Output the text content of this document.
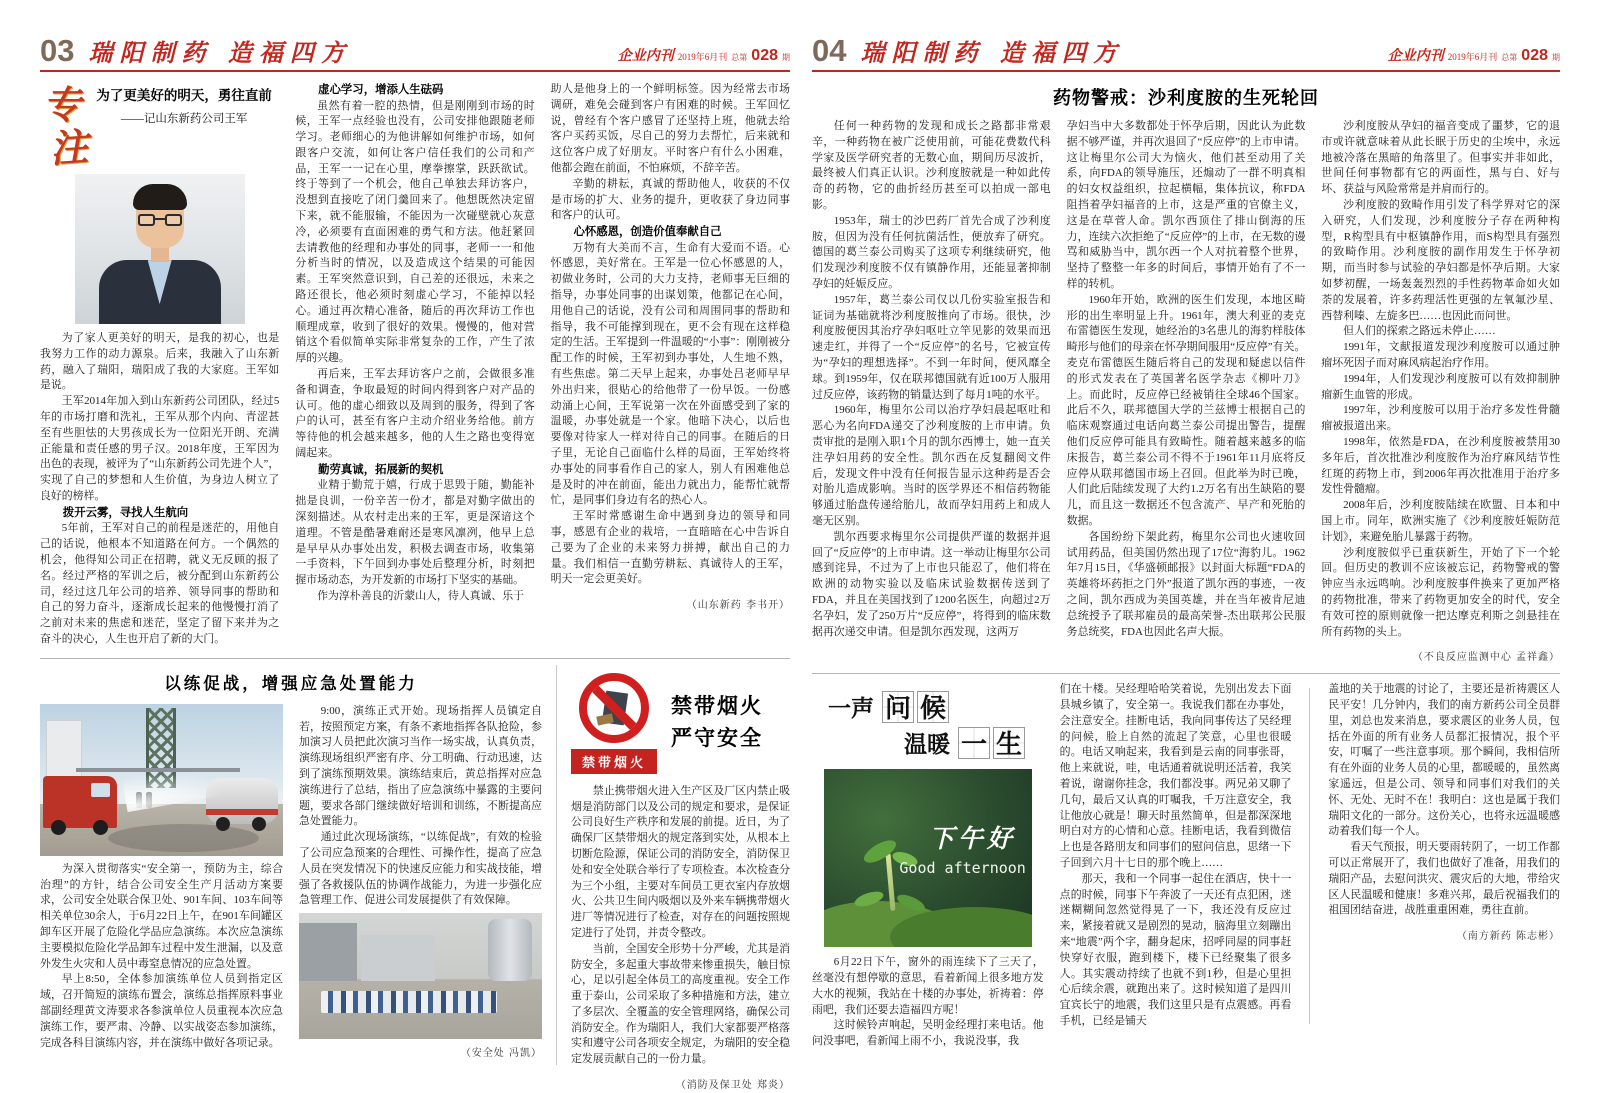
03 瑞阳制药 造福四方	企业内刊 2019年6月刊 总第 028 期
专
注
为了更美好的明天，勇往直前
——记山东新药公司王军

为了家人更美好的明天，是我的初心，也是我努力工作的动力源泉。后来，我融入了山东新药，融入了瑞阳，瑞阳成了我的大家庭。王军如是说。

王军2014年加入到山东新药公司团队，经过5年的市场打磨和洗礼，王军从那个内向、青涩甚至有些胆怯的大男孩成长为一位阳光开朗、充满正能量和责任感的男子汉。2018年度，王军因为出色的表现，被评为了“山东新药公司先进个人”，实现了自己的梦想和人生价值，为身边人树立了良好的榜样。

拨开云雾，寻找人生航向

5年前，王军对自己的前程是迷茫的，用他自己的话说，他根本不知道路在何方。一个偶然的机会，他得知公司正在招聘，就义无反顾的报了名。经过严格的军训之后，被分配到山东新药公司，经过这几年公司的培养、领导同事的帮助和自己的努力奋斗，逐渐成长起来的他慢慢打消了之前对未来的焦虑和迷茫，坚定了留下来并为之奋斗的决心，人生也开启了新的大门。

虚心学习，增添人生砝码

虽然有着一腔的热情，但是刚刚到市场的时候，王军一点经验也没有，公司安排他跟随老师学习。老师细心的为他讲解如何维护市场，如何跟客户交流，如何让客户信任我们的公司和产品，王军一一记在心里，摩拳擦掌，跃跃欲试。终于等到了一个机会，他自己单独去拜访客户，没想到直接吃了闭门羹回来了。他想既然决定留下来，就不能服输，不能因为一次碰壁就心灰意冷，必须要有直面困难的勇气和方法。他赶紧回去请教他的经理和办事处的同事，老师一一和他分析当时的情况，以及造成这个结果的可能因素。王军突然意识到，自己差的还很远，未来之路还很长，他必须时刻虚心学习，不能掉以轻心。通过再次精心准备，随后的再次拜访工作也顺理成章，收到了很好的效果。慢慢的，他对营销这个看似简单实际非常复杂的工作，产生了浓厚的兴趣。

再后来，王军去拜访客户之前，会做很多准备和调查，争取最短的时间内得到客户对产品的认可。他的虚心细致以及周到的服务，得到了客户的认可，甚至有客户主动介绍业务给他。前方等待他的机会越来越多，他的人生之路也变得宽阔起来。

勤劳真诚，拓展新的契机

业精于勤荒于嬉，行成于思毁于随，勤能补拙是良训，一份辛苦一份才，都是对勤字做出的深刻描述。从农村走出来的王军，更是深谙这个道理。不管是酷暑难耐还是寒风凛冽，他早上总是早早从办事处出发，积极去调查市场，收集第一手资料，下午回到办事处后整理分析，时刻把握市场动态，为开发新的市场打下坚实的基础。

作为淳朴善良的沂蒙山人，待人真诚、乐于

助人是他身上的一个鲜明标签。因为经常去市场调研，难免会碰到客户有困难的时候。王军回忆说，曾经有个客户感冒了还坚持上班，他就去给客户买药买饭，尽自己的努力去帮忙，后来就和这位客户成了好朋友。平时客户有什么小困难，他都会跑在前面，不怕麻烦，不辞辛苦。

辛勤的耕耘，真诚的帮助他人，收获的不仅是市场的扩大、业务的提升，更收获了身边同事和客户的认可。

心怀感恩，创造价值奉献自己

万物有大美而不言，生命有大爱而不语。心怀感恩，美好常在。王军是一位心怀感恩的人，初做业务时，公司的大力支持，老师事无巨细的指导，办事处同事的出谋划策，他都记在心间，用他自己的话说，没有公司和周围同事的帮助和指导，我不可能撑到现在，更不会有现在这样稳定的生活。王军提到一件温暖的“小事”：刚刚被分配工作的时候，王军初到办事处，人生地不熟，有些焦虑。第二天早上起来，办事处吕老师早早外出归来，很贴心的给他带了一份早饭。一份感动涌上心间，王军说第一次在外面感受到了家的温暖，办事处就是一个家。他暗下决心，以后也要像对待家人一样对待自己的同事。在随后的日子里，无论自己面临什么样的局面，王军始终将办事处的同事看作自己的家人，别人有困难他总是及时的冲在前面，能出力就出力，能帮忙就帮忙，是同事们身边有名的热心人。

王军时常感谢生命中遇到身边的领导和同事，感恩有企业的栽培，一直暗暗在心中告诉自己要为了企业的未来努力拼搏，献出自己的力量。我们相信一直勤劳耕耘、真诚待人的王军，明天一定会更美好。

（山东新药 李书开）

以练促战，增强应急处置能力

为深入贯彻落实“安全第一，预防为主，综合治理”的方针，结合公司安全生产月活动方案要求，公司安全处联合保卫处、901车间、103车间等相关单位30余人，于6月22日上午，在901车间罐区卸车区开展了危险化学品应急演练。本次应急演练主要模拟危险化学品卸车过程中发生泄漏，以及意外发生火灾和人员中毒窒息情况的应急处置。

早上8:50，全体参加演练单位人员到指定区域，召开简短的演练布置会，演练总指挥原料事业部副经理黄文涛要求各参演单位人员重视本次应急演练工作，要严肃、冷静、以实战姿态参加演练，完成各科目演练内容，并在演练中做好各项记录。

9:00，演练正式开始。现场指挥人员镇定自若，按照预定方案，有条不紊地指挥各队抢险，参加演习人员把此次演习当作一场实战，认真负责，演练现场组织严密有序、分工明确、行动迅速，达到了演练预期效果。演练结束后，黄总指挥对应急演练进行了总结，指出了应急演练中暴露的主要问题，要求各部门继续做好培训和训练，不断提高应急处置能力。

通过此次现场演练，“以练促战”，有效的检验了公司应急预案的合理性、可操作性，提高了应急人员在突发情况下的快速反应能力和实战技能，增强了各救援队伍的协调作战能力，为进一步强化应急管理工作、促进公司发展提供了有效保障。

（安全处 冯凯）

禁带烟火
禁带烟火
严守安全

禁止携带烟火进入生产区及厂区内禁止吸烟是消防部门以及公司的规定和要求，是保证公司良好生产秩序和发展的前提。近日，为了确保厂区禁带烟火的规定落到实处，从根本上切断危险源，保证公司的消防安全，消防保卫处和安全处联合举行了专项检查。本次检查分为三个小组，主要对车间员工更衣室内存放烟火、公共卫生间内吸烟以及外来车辆携带烟火进厂等情况进行了检查，对存在的问题按照规定进行了处罚，并责令整改。

当前，全国安全形势十分严峻，尤其是消防安全，多起重大事故带来惨重损失，触目惊心，足以引起全体员工的高度重视。安全工作重于泰山，公司采取了多种措施和方法，建立了多层次、全覆盖的安全管理网络，确保公司消防安全。作为瑞阳人，我们大家都要严格落实和遵守公司各项安全规定，为瑞阳的安全稳定发展贡献自己的一份力量。

（消防及保卫处 郑炎）

04 瑞阳制药 造福四方	企业内刊 2019年6月刊 总第 028 期
药物警戒：沙利度胺的生死轮回

任何一种药物的发现和成长之路都非常艰辛，一种药物在被广泛使用前，可能花费数代科学家及医学研究者的无数心血，期间历尽波折，最终被人们真正认识。沙利度胺就是一种如此传奇的药物，它的曲折经历甚至可以拍成一部电影。

1953年，瑞士的沙巴药厂首先合成了沙利度胺，但因为没有任何抗菌活性，便放弃了研究。德国的葛兰泰公司购买了这项专利继续研究，他们发现沙利度胺不仅有镇静作用，还能显著抑制孕妇的妊娠反应。

1957年，葛兰泰公司仅以几份实验室报告和证词为基础就将沙利度胺推向了市场。很快，沙利度胺便因其治疗孕妇呕吐立竿见影的效果而迅速走红，并得了一个“反应停”的名号，它被宣传为“孕妇的理想选择”。不到一年时间，便风靡全球。到1959年，仅在联邦德国就有近100万人服用过反应停，该药物的销量达到了每月1吨的水平。

1960年，梅里尔公司以治疗孕妇晨起呕吐和恶心为名向FDA递交了沙利度胺的上市申请。负责审批的是刚入职1个月的凯尔西博士，她一直关注孕妇用药的安全性。凯尔西在反复翻阅文件后，发现文件中没有任何报告显示这种药是否会对胎儿造成影响。当时的医学界还不相信药物能够通过胎盘传递给胎儿，故而孕妇用药上和成人毫无区别。

凯尔西要求梅里尔公司提供严谨的数据并退回了“反应停”的上市申请。这一举动让梅里尔公司感到诧异，不过为了上市也只能忍了，他们将在欧洲的动物实验以及临床试验数据传送到了FDA，并且在美国找到了1200名医生，向超过2万名孕妇，发了250万片“反应停”，将得到的临床数据再次递交申请。但是凯尔西发现，这两万

孕妇当中大多数都处于怀孕后期，因此认为此数据不够严谨，并再次退回了“反应停”的上市申请。这让梅里尔公司大为恼火，他们甚至动用了关系，向FDA的领导施压，还煽动了一群不明真相的妇女权益组织，拉起横幅，集体抗议，称FDA阻挡着孕妇福音的上市，这是严重的官僚主义，这是在草菅人命。凯尔西顶住了排山倒海的压力，连续六次拒绝了“反应停”的上市，在无数的谩骂和威胁当中，凯尔西一个人对抗着整个世界，坚持了整整一年多的时间后，事情开始有了不一样的转机。

1960年开始，欧洲的医生们发现，本地区畸形的出生率明显上升。1961年，澳大利亚的麦克布雷德医生发现，她经治的3名患儿的海豹样肢体畸形与他们的母亲在怀孕期间服用“反应停”有关。麦克布雷德医生随后将自己的发现和疑虑以信件的形式发表在了英国著名医学杂志《柳叶刀》上。而此时，反应停已经被销往全球46个国家。此后不久，联邦德国大学的兰兹博士根据自己的临床观察通过电话向葛兰泰公司提出警告，提醒他们反应停可能具有致畸性。随着越来越多的临床报告，葛兰泰公司不得不于1961年11月底将反应停从联邦德国市场上召回。但此举为时已晚，人们此后陆续发现了大约1.2万名有出生缺陷的婴儿，而且这一数据还不包含流产、早产和死胎的数据。

各国纷纷下架此药，梅里尔公司也火速收回试用药品，但美国仍然出现了17位“海豹儿。1962年7月15日，《华盛顿邮报》以封面大标题“FDA的英雄将坏药拒之门外”报道了凯尔西的事迹，一夜之间，凯尔西成为美国英雄，并在当年被肯尼迪总统授予了联邦雇员的最高荣誉-杰出联邦公民服务总统奖，FDA也因此名声大振。

沙利度胺从孕妇的福音变成了噩梦，它的退市或许就意味着从此长眠于历史的尘埃中，永远地被冷落在黑暗的角落里了。但事实并非如此，世间任何事物都有它的两面性，黑与白、好与坏、获益与风险常常是并肩而行的。

沙利度胺的致畸作用引发了科学界对它的深入研究，人们发现，沙利度胺分子存在两种构型，R构型具有中枢镇静作用，而S构型具有强烈的致畸作用。沙利度胺的副作用发生于怀孕初期，而当时参与试验的孕妇都是怀孕后期。大家如梦初醒，一场轰轰烈烈的手性药物革命如火如荼的发展着，许多药理活性更强的左氧氟沙星、西替利嗪、左旋多巴……也因此而问世。

但人们的探索之路远未停止……

1991年，文献报道发现沙利度胺可以通过肿瘤坏死因子而对麻风病起治疗作用。

1994年，人们发现沙利度胺可以有效抑制肿瘤新生血管的形成。

1997年，沙利度胺可以用于治疗多发性骨髓瘤被报道出来。

1998年，依然是FDA，在沙利度胺被禁用30多年后，首次批准沙利度胺作为治疗麻风结节性红斑的药物上市，到2006年再次批准用于治疗多发性骨髓瘤。

2008年后，沙利度胺陆续在欧盟、日本和中国上市。同年，欧洲实施了《沙利度胺妊娠防范计划》，来避免胎儿暴露于药物。

沙利度胺似乎已重获新生，开始了下一个轮回。但历史的教训不应该被忘记，药物警戒的警钟应当永远鸣响。沙利度胺事件换来了更加严格的药物批准，带来了药物更加安全的时代，安全有效可控的原则就像一把达摩克利斯之剑悬挂在所有药物的头上。

（不良反应监测中心 孟祥鑫）

一声 问 候
温暖 一 生
下午好
Good afternoon

6月22日下午，窗外的雨连续下了三天了，丝毫没有想停歇的意思，看着新闻上很多地方发大水的视频，我站在十楼的办事处，祈祷着：停雨吧，我们还要去造福四方呢！

这时候铃声响起，吴明金经理打来电话。他问没事吧，看新闻上雨不小，我说没事，我

们在十楼。吴经理哈哈笑着说，先别出发去下面县城乡镇了，安全第一。我说我们都在办事处，会注意安全。挂断电话，我向同事传达了吴经理的问候，脸上自然的流起了笑意，心里也很暖的。电话又响起来，我看到是云南的同事张哥，他上来就说，哇，电话通着就说明还活着，我笑着说，谢谢你挂念，我们都没事。两兄弟又聊了几句，最后又认真的叮嘱我，千万注意安全，我让他放心就是！聊天时虽然简单，但是都深深地明白对方的心情和心意。挂断电话，我看到微信上也是各路朋友和同事们的慰问信息，思绪一下子回到六月十七日的那个晚上……

那天，我和一个同事一起住在酒店，快十一点的时候，同事下午奔波了一天还有点犯困，迷迷糊糊间忽然觉得晃了一下，我还没有反应过来，紧接着就又是剧烈的晃动，脑海里立刻蹦出来“地震”两个字，翻身起床，招呼同屋的同事赶快穿好衣服，跑到楼下，楼下已经聚集了很多人。其实震动持续了也就不到1秒，但是心里担心后续余震，就跑出来了。这时候知道了是四川宜宾长宁的地震，我们这里只是有点震感。再看手机，已经是铺天

盖地的关于地震的讨论了，主要还是祈祷震区人民平安！几分钟内，我们的南方新药公司全员群里，刘总也发来消息，要求震区的业务人员，包括在外面的所有业务人员都汇报情况，报个平安，叮嘱了一些注意事项。那个瞬间，我相信所有在外面的业务人员的心里，都暖暖的，虽然离家遥远，但是公司、领导和同事们对我们的关怀、无处、无时不在！我明白：这也是属于我们瑞阳文化的一部分。这份关心，也将永远温暖感动着我们每一个人。

看天气预报，明天要雨转阴了，一切工作都可以正常展开了，我们也做好了准备，用我们的瑞阳产品，去慰问洪灾、震灾后的大地，带给灾区人民温暖和健康！多难兴邦，最后祝福我们的祖国团结奋进，战胜重重困难，勇往直前。

（南方新药 陈志彬）
